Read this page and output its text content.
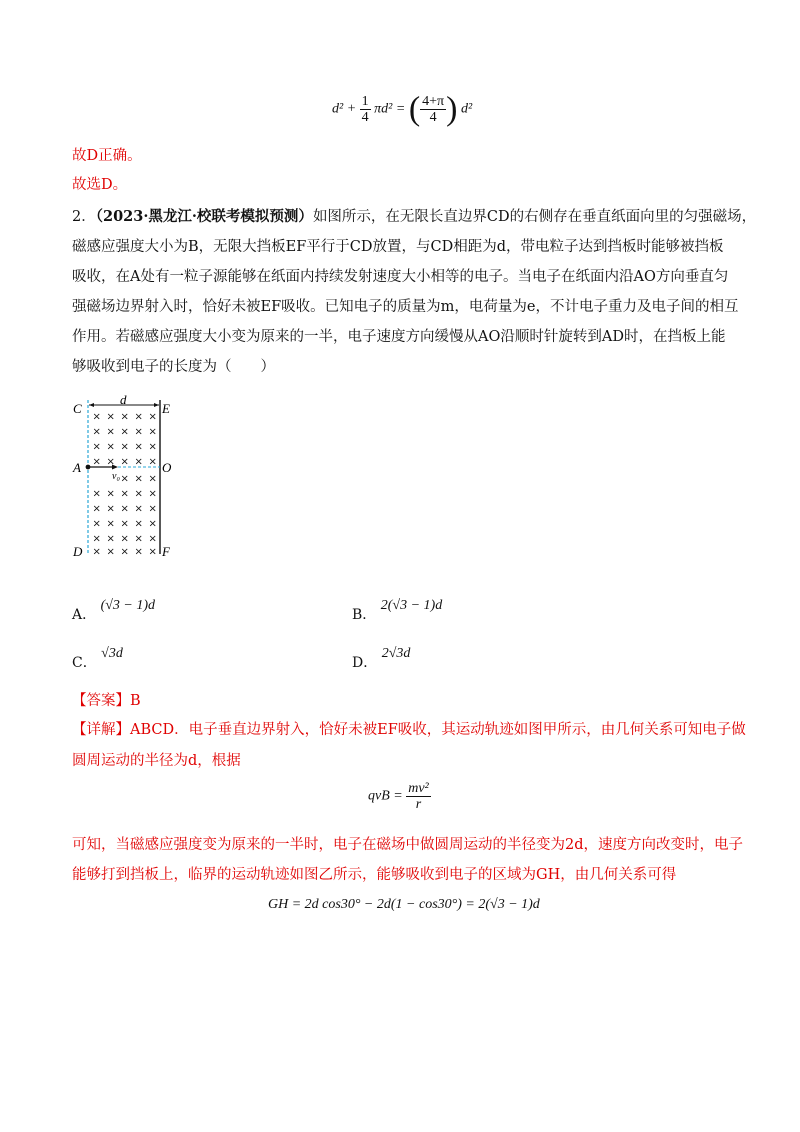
$d^2 + \frac{1}{4} \pi d^2$ = ( $\frac{4+\pi}{4}$ ) d²
故D正确。
故选D。
2．（2023·黑龙江·校联考模拟预测）如图所示，在无限长直边界CD的右侧存在垂直纸面向里的匀强磁场，
磁感应强度大小为B，无限大挡板EF平行于CD放置，与CD相距为d，带电粒子达到挡板时能够被挡板
吸收，在A处有一粒子源能够在纸面内持续发射速度大小相等的电子。当电子在纸面内沿AO方向垂直匀
强磁场边界射入时，恰好未被EF吸收。已知电子的质量为m，电荷量为e，不计电子重力及电子间的相互
作用。若磁感应强度大小变为原来的一半，电子速度方向缓慢从AO沿顺时针旋转到AD时，在挡板上能
够吸收到电子的长度为（　　）
× × × × ×
× × × × ×
× × × × ×
× × × × ×
× × ×
× × × × ×
× × × × ×
× × × × ×
× × × × ×
× × × × ×
C	E
d
A	O
v₀
D	F
A． (√3 − 1)d
B． 2(√3 − 1)d
C． √3d
D． 2√3d
【答案】B
【详解】ABCD．电子垂直边界射入，恰好未被EF吸收，其运动轨迹如图甲所示，由几何关系可知电子做
圆周运动的半径为d，根据
qvB = $\frac{\text{mv²}}{r}$
可知，当磁感应强度变为原来的一半时，电子在磁场中做圆周运动的半径变为2d，速度方向改变时，电子
能够打到挡板上，临界的运动轨迹如图乙所示，能够吸收到电子的区域为GH，由几何关系可得
GH = 2d cos30° − 2d(1 − cos30°) = 2(√3 − 1)d
